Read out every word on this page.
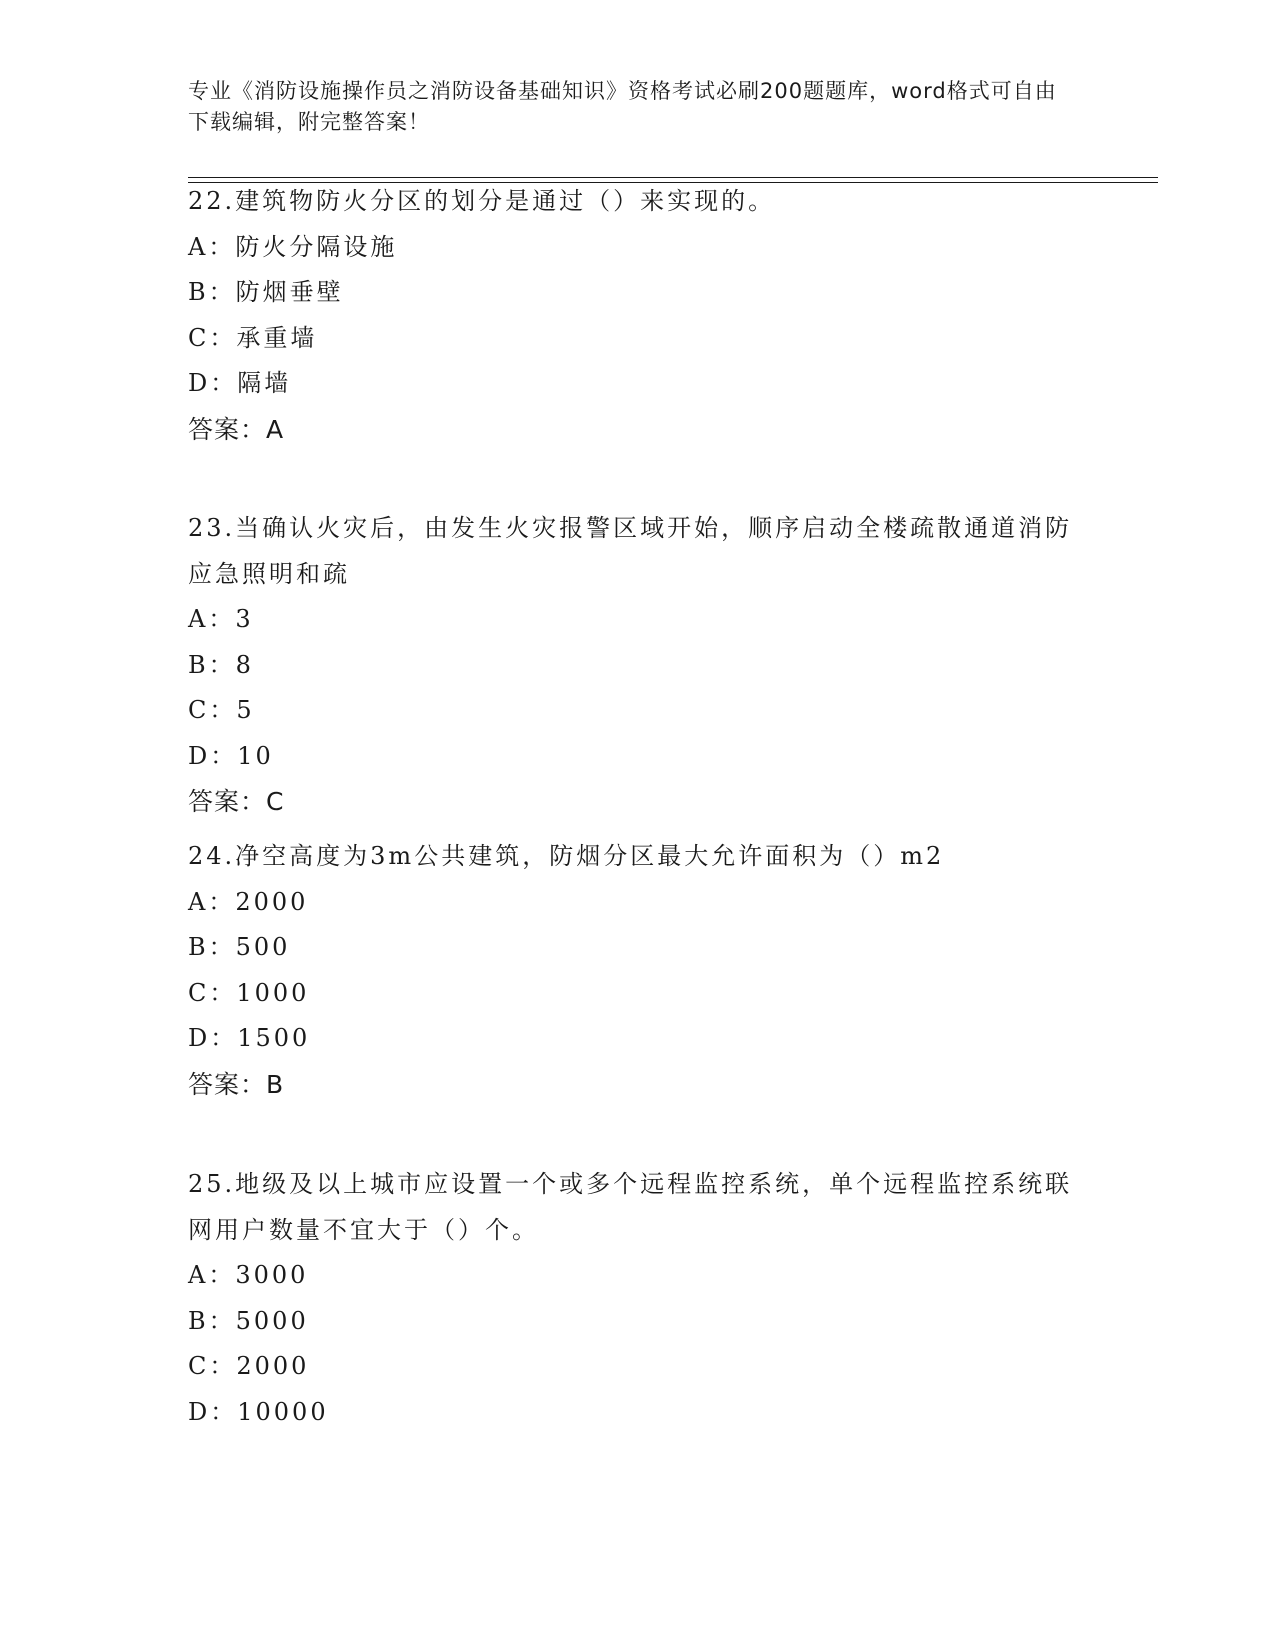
专业《消防设施操作员之消防设备基础知识》资格考试必刷200题题库，word格式可自由下载编辑，附完整答案！

22.建筑物防火分区的划分是通过（）来实现的。

A：防火分隔设施

B：防烟垂壁

C：承重墙

D：隔墙

答案：A

23.当确认火灾后，由发生火灾报警区域开始，顺序启动全楼疏散通道消防应急照明和疏

A：3

B：8

C：5

D：10

答案：C

24.净空高度为3m公共建筑，防烟分区最大允许面积为（）m2

A：2000

B：500

C：1000

D：1500

答案：B

25.地级及以上城市应设置一个或多个远程监控系统，单个远程监控系统联网用户数量不宜大于（）个。

A：3000

B：5000

C：2000

D：10000
